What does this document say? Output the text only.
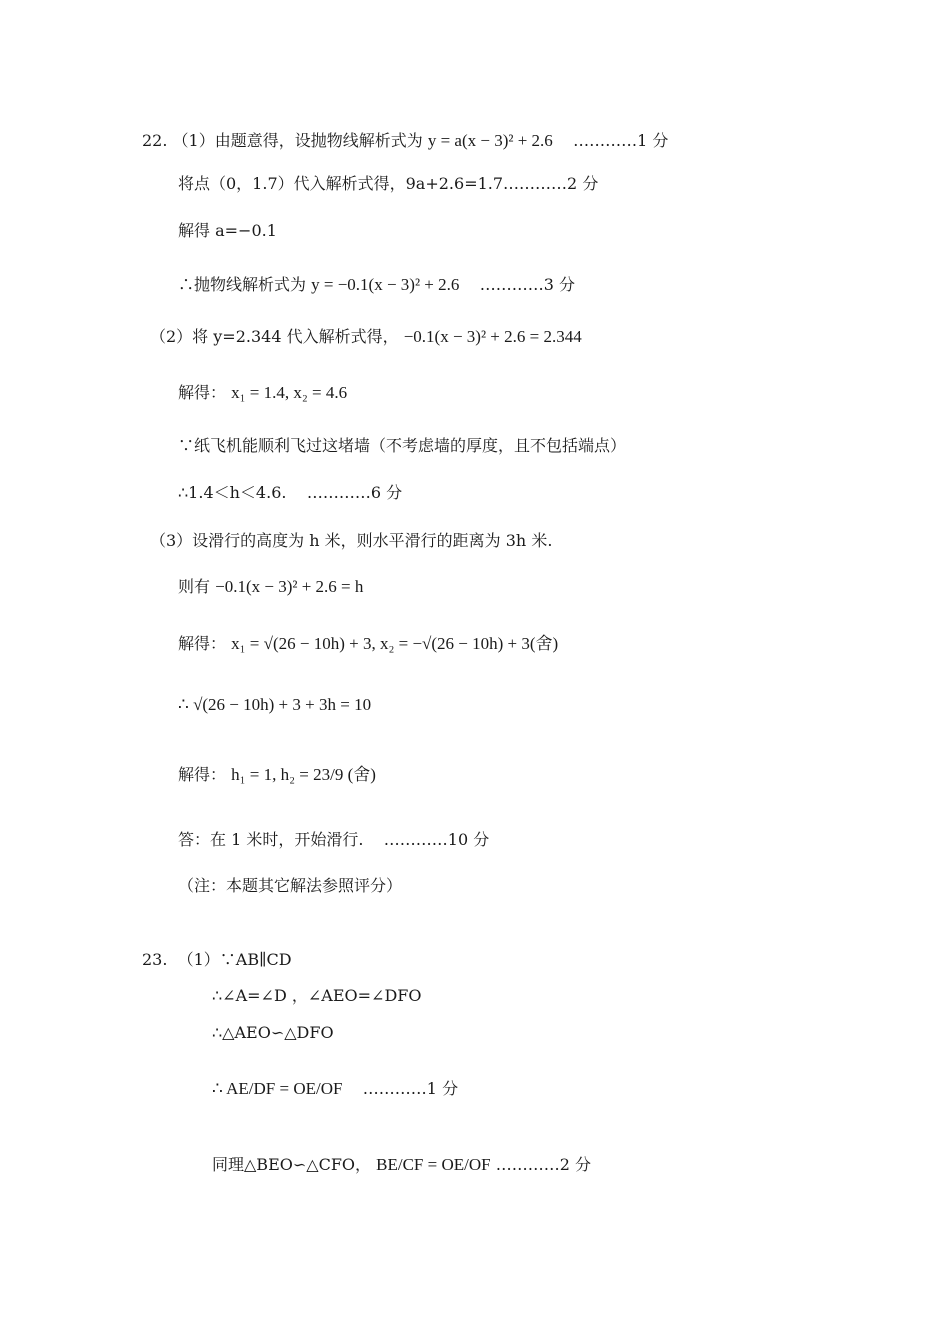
22. （1）由题意得，设抛物线解析式为 y = a(x − 3)² + 2.6 …………1 分
将点（0，1.7）代入解析式得，9a+2.6=1.7…………2 分
解得 a=−0.1
∴抛物线解析式为 y = −0.1(x − 3)² + 2.6 …………3 分
（2）将 y=2.344 代入解析式得， −0.1(x − 3)² + 2.6 = 2.344
解得： x₁ = 1.4, x₂ = 4.6
∵纸飞机能顺利飞过这堵墙（不考虑墙的厚度，且不包括端点）
∴1.4＜h＜4.6. …………6 分
（3）设滑行的高度为 h 米，则水平滑行的距离为 3h 米.
则有 −0.1(x − 3)² + 2.6 = h
解得： x₁ = √(26 − 10h) + 3, x₂ = −√(26 − 10h) + 3(舍)
∴ √(26 − 10h) + 3 + 3h = 10
解得： h₁ = 1, h₂ = 23/9 (舍)
答：在 1 米时，开始滑行. …………10 分
（注：本题其它解法参照评分）
23. （1）∵AB∥CD
∴∠A=∠D ，∠AEO=∠DFO
∴△AEO∽△DFO
∴ AE/DF = OE/OF …………1 分
同理△BEO∽△CFO， BE/CF = OE/OF …………2 分
